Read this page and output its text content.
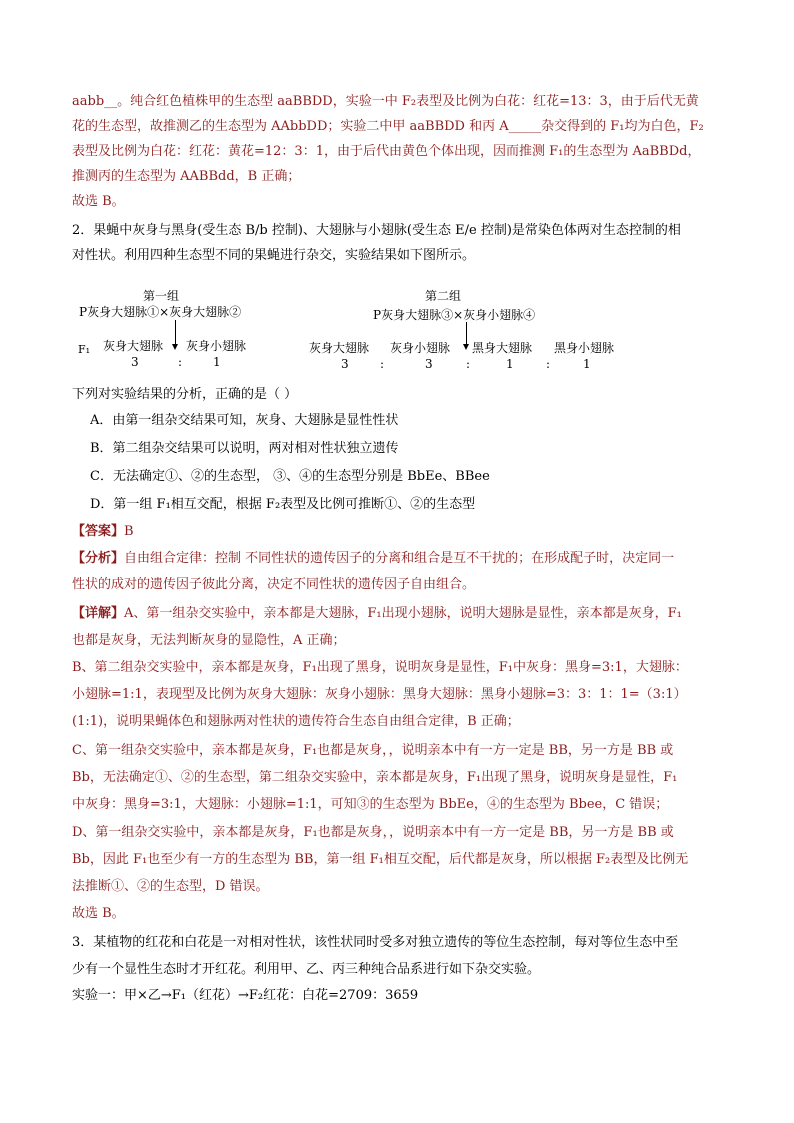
aabb__。纯合红色植株甲的生态型 aaBBDD，实验一中 F₂表型及比例为白花：红花=13：3，由于后代无黄
花的生态型，故推测乙的生态型为 AAbbDD；实验二中甲 aaBBDD 和丙 A_____杂交得到的 F₁均为白色，F₂
表型及比例为白花：红花：黄花=12：3：1，由于后代由黄色个体出现，因而推测 F₁的生态型为 AaBBDd，
推测丙的生态型为 AABBdd，B 正确；
故选 B。
2．果蝇中灰身与黑身(受生态 B/b 控制)、大翅脉与小翅脉(受生态 E/e 控制)是常染色体两对生态控制的相
对性状。利用四种生态型不同的果蝇进行杂交，实验结果如下图所示。
第一组
P灰身大翅脉①×灰身大翅脉②
F₁ 灰身大翅脉 灰身小翅脉
3	:	1
第二组
P灰身大翅脉③×灰身小翅脉④
灰身大翅脉 灰身小翅脉 黑身大翅脉 黑身小翅脉
3	:	3	:	1	:	1
下列对实验结果的分析，正确的是（ ）
A．由第一组杂交结果可知，灰身、大翅脉是显性性状
B．第二组杂交结果可以说明，两对相对性状独立遗传
C．无法确定①、②的生态型， ③、④的生态型分别是 BbEe、BBee
D．第一组 F₁相互交配，根据 F₂表型及比例可推断①、②的生态型
【答案】B
【分析】自由组合定律：控制 不同性状的遗传因子的分离和组合是互不干扰的；在形成配子时，决定同一
性状的成对的遗传因子彼此分离，决定不同性状的遗传因子自由组合。
【详解】A、第一组杂交实验中，亲本都是大翅脉，F₁出现小翅脉，说明大翅脉是显性，亲本都是灰身，F₁
也都是灰身，无法判断灰身的显隐性，A 正确；
B、第二组杂交实验中，亲本都是灰身，F₁出现了黑身，说明灰身是显性，F₁中灰身：黑身=3:1，大翅脉：
小翅脉=1:1，表现型及比例为灰身大翅脉：灰身小翅脉：黑身大翅脉：黑身小翅脉=3：3：1：1=（3:1）
(1:1)，说明果蝇体色和翅脉两对性状的遗传符合生态自由组合定律，B 正确；
C、第一组杂交实验中，亲本都是灰身，F₁也都是灰身，，说明亲本中有一方一定是 BB，另一方是 BB 或
Bb，无法确定①、②的生态型，第二组杂交实验中，亲本都是灰身，F₁出现了黑身，说明灰身是显性，F₁
中灰身：黑身=3:1，大翅脉：小翅脉=1:1，可知③的生态型为 BbEe，④的生态型为 Bbee，C 错误；
D、第一组杂交实验中，亲本都是灰身，F₁也都是灰身，，说明亲本中有一方一定是 BB，另一方是 BB 或
Bb，因此 F₁也至少有一方的生态型为 BB，第一组 F₁相互交配，后代都是灰身，所以根据 F₂表型及比例无
法推断①、②的生态型，D 错误。
故选 B。
3．某植物的红花和白花是一对相对性状，该性状同时受多对独立遗传的等位生态控制，每对等位生态中至
少有一个显性生态时才开红花。利用甲、乙、丙三种纯合品系进行如下杂交实验。
实验一：甲×乙→F₁（红花）→F₂红花：白花=2709：3659
